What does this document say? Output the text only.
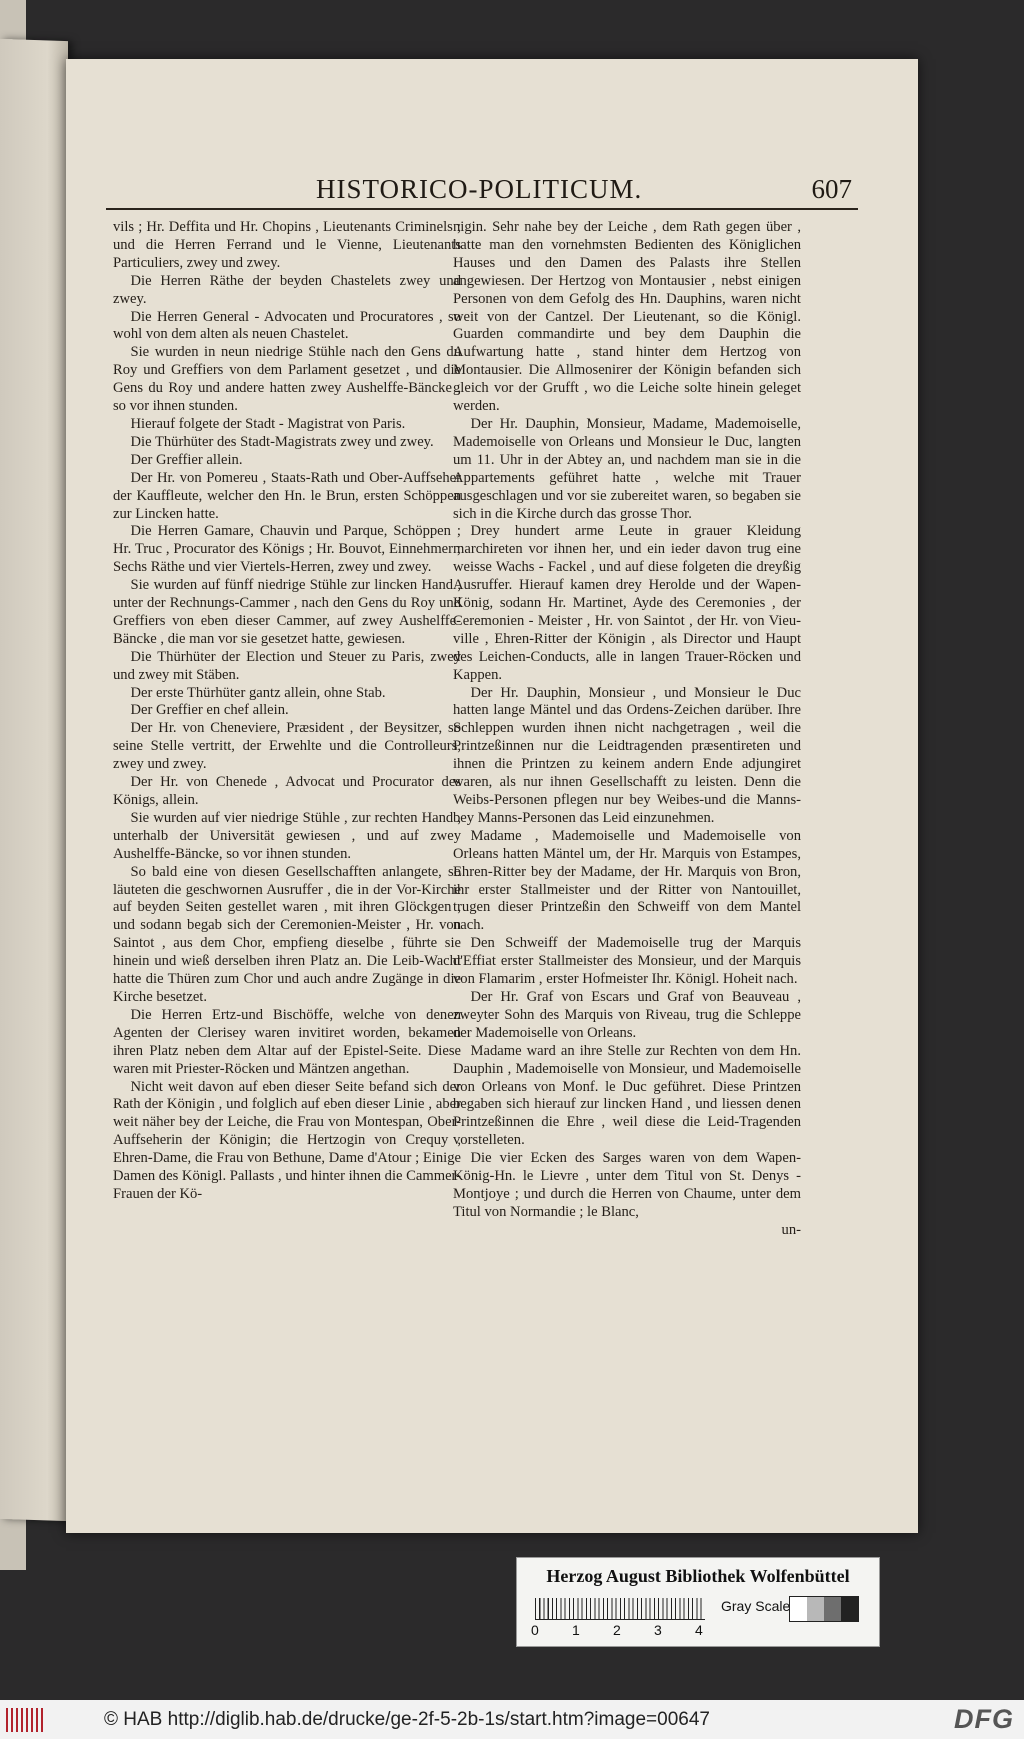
HISTORICO-POLITICUM.	607

vils ; Hr. Deffita und Hr. Chopins , Lieutenants Criminels ; und die Herren Ferrand und le Vienne, Lieutenants Particuliers, zwey und zwey.

Die Herren Räthe der beyden Chastelets zwey und zwey.

Die Herren General - Advocaten und Procuratores , so wohl von dem alten als neuen Chastelet.

Sie wurden in neun niedrige Stühle nach den Gens du Roy und Greffiers von dem Parlament gesetzet , und die Gens du Roy und andere hatten zwey Aushelffe-Bäncke , so vor ihnen stunden.

Hierauf folgete der Stadt - Magistrat von Paris.

Die Thürhüter des Stadt-Magistrats zwey und zwey.

Der Greffier allein.

Der Hr. von Pomereu , Staats-Rath und Ober-Auffseher der Kauffleute, welcher den Hn. le Brun, ersten Schöppen zur Lincken hatte.

Die Herren Gamare, Chauvin und Parque, Schöppen ; Hr. Truc , Procurator des Königs ; Hr. Bouvot, Einnehmer ; Sechs Räthe und vier Viertels-Herren, zwey und zwey.

Sie wurden auf fünff niedrige Stühle zur lincken Hand , unter der Rechnungs-Cammer , nach den Gens du Roy und Greffiers von eben dieser Cammer, auf zwey Aushelffe-Bäncke , die man vor sie gesetzet hatte, gewiesen.

Die Thürhüter der Election und Steuer zu Paris, zwey und zwey mit Stäben.

Der erste Thürhüter gantz allein, ohne Stab.

Der Greffier en chef allein.

Der Hr. von Cheneviere, Præsident , der Beysitzer, so seine Stelle vertritt, der Erwehlte und die Controlleurs, zwey und zwey.

Der Hr. von Chenede , Advocat und Procurator des Königs, allein.

Sie wurden auf vier niedrige Stühle , zur rechten Hand , unterhalb der Universität gewiesen , und auf zwey Aushelffe-Bäncke, so vor ihnen stunden.

So bald eine von diesen Gesellschafften anlangete, so läuteten die geschwornen Ausruffer , die in der Vor-Kirche auf beyden Seiten gestellet waren , mit ihren Glöckgen , und sodann begab sich der Ceremonien-Meister , Hr. von Saintot , aus dem Chor, empfieng dieselbe , führte sie hinein und wieß derselben ihren Platz an. Die Leib-Wacht hatte die Thüren zum Chor und auch andre Zugänge in die Kirche besetzet.

Die Herren Ertz-und Bischöffe, welche von denen Agenten der Clerisey waren invitiret worden, bekamen ihren Platz neben dem Altar auf der Epistel-Seite. Diese waren mit Priester-Röcken und Mäntzen angethan.

Nicht weit davon auf eben dieser Seite befand sich der Rath der Königin , und folglich auf eben dieser Linie , aber weit näher bey der Leiche, die Frau von Montespan, Ober-Auffseherin der Königin; die Hertzogin von Crequy , Ehren-Dame, die Frau von Bethune, Dame d'Atour ; Einige Damen des Königl. Pallasts , und hinter ihnen die Cammer-Frauen der Kö-

nigin. Sehr nahe bey der Leiche , dem Rath gegen über , hatte man den vornehmsten Bedienten des Königlichen Hauses und den Damen des Palasts ihre Stellen angewiesen. Der Hertzog von Montausier , nebst einigen Personen von dem Gefolg des Hn. Dauphins, waren nicht weit von der Cantzel. Der Lieutenant, so die Königl. Guarden commandirte und bey dem Dauphin die Aufwartung hatte , stand hinter dem Hertzog von Montausier. Die Allmosenirer der Königin befanden sich gleich vor der Grufft , wo die Leiche solte hinein geleget werden.

Der Hr. Dauphin, Monsieur, Madame, Mademoiselle, Mademoiselle von Orleans und Monsieur le Duc, langten um 11. Uhr in der Abtey an, und nachdem man sie in die Appartements geführet hatte , welche mit Trauer ausgeschlagen und vor sie zubereitet waren, so begaben sie sich in die Kirche durch das grosse Thor.

Drey hundert arme Leute in grauer Kleidung marchireten vor ihnen her, und ein ieder davon trug eine weisse Wachs - Fackel , und auf diese folgeten die dreyßig Ausruffer. Hierauf kamen drey Herolde und der Wapen-König, sodann Hr. Martinet, Ayde des Ceremonies , der Ceremonien - Meister , Hr. von Saintot , der Hr. von Vieu-ville , Ehren-Ritter der Königin , als Director und Haupt des Leichen-Conducts, alle in langen Trauer-Röcken und Kappen.

Der Hr. Dauphin, Monsieur , und Monsieur le Duc hatten lange Mäntel und das Ordens-Zeichen darüber. Ihre Schleppen wurden ihnen nicht nachgetragen , weil die Printzeßinnen nur die Leidtragenden præsentireten und ihnen die Printzen zu keinem andern Ende adjungiret waren, als nur ihnen Gesellschafft zu leisten. Denn die Weibs-Personen pflegen nur bey Weibes-und die Manns-bey Manns-Personen das Leid einzunehmen.

Madame , Mademoiselle und Mademoiselle von Orleans hatten Mäntel um, der Hr. Marquis von Estampes, Ehren-Ritter bey der Madame, der Hr. Marquis von Bron, ihr erster Stallmeister und der Ritter von Nantouillet, trugen dieser Printzeßin den Schweiff von dem Mantel nach.

Den Schweiff der Mademoiselle trug der Marquis d'Effiat erster Stallmeister des Monsieur, und der Marquis von Flamarim , erster Hofmeister Ihr. Königl. Hoheit nach.

Der Hr. Graf von Escars und Graf von Beauveau , zweyter Sohn des Marquis von Riveau, trug die Schleppe der Mademoiselle von Orleans.

Madame ward an ihre Stelle zur Rechten von dem Hn. Dauphin , Mademoiselle von Monsieur, und Mademoiselle von Orleans von Monf. le Duc geführet. Diese Printzen begaben sich hierauf zur lincken Hand , und liessen denen Printzeßinnen die Ehre , weil diese die Leid-Tragenden vorstelleten.

Die vier Ecken des Sarges waren von dem Wapen-König-Hn. le Lievre , unter dem Titul von St. Denys - Montjoye ; und durch die Herren von Chaume, unter dem Titul von Normandie ; le Blanc,

un-

Herzog August Bibliothek Wolfenbüttel
0 1 2 3 4
Gray Scale
© HAB http://diglib.hab.de/drucke/ge-2f-5-2b-1s/start.htm?image=00647	DFG
